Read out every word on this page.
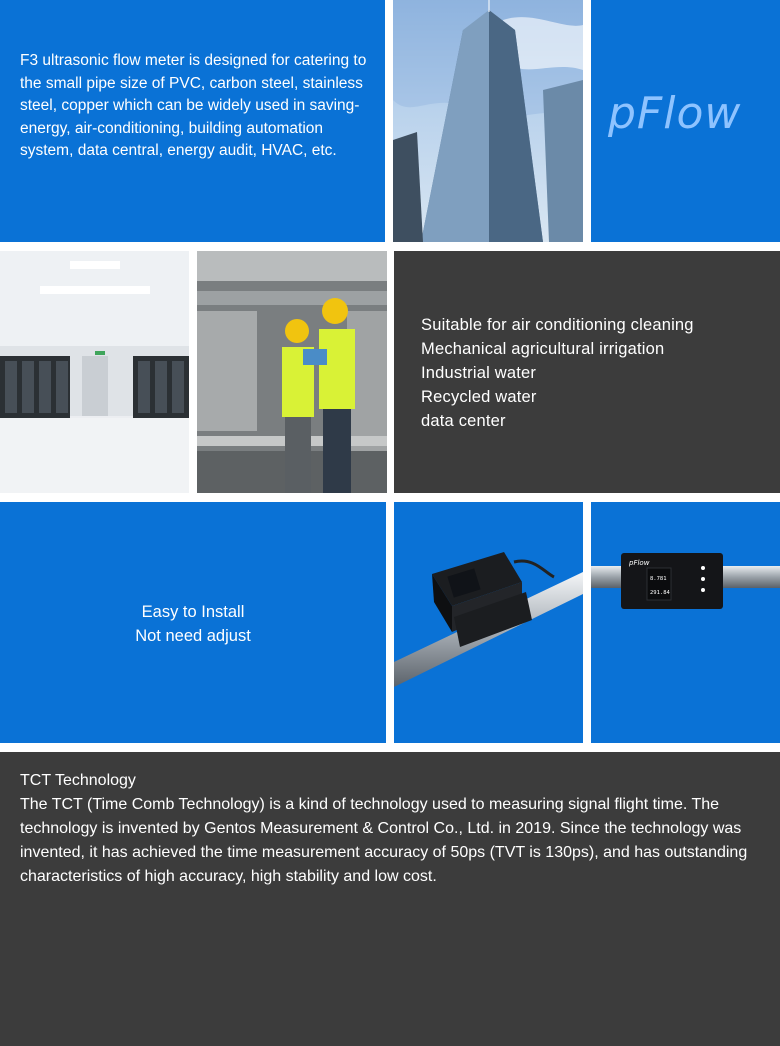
F3 ultrasonic flow meter is designed for catering to the small pipe size of PVC, carbon steel, stainless steel, copper which can be widely used in saving-energy, air-conditioning, building automation system, data central, energy audit, HVAC, etc.

pFlow
Suitable for air conditioning cleaning
Mechanical agricultural irrigation
Industrial water
Recycled water
data center
Easy to Install
Not need adjust
pFlow
8.781
291.84
TCT Technology
The TCT (Time Comb Technology) is a kind of technology used to measuring signal flight time. The technology is invented by Gentos Measurement & Control Co., Ltd. in 2019. Since the technology was invented, it has achieved the time measurement accuracy of 50ps (TVT is 130ps), and has outstanding characteristics of high accuracy, high stability and low cost.
